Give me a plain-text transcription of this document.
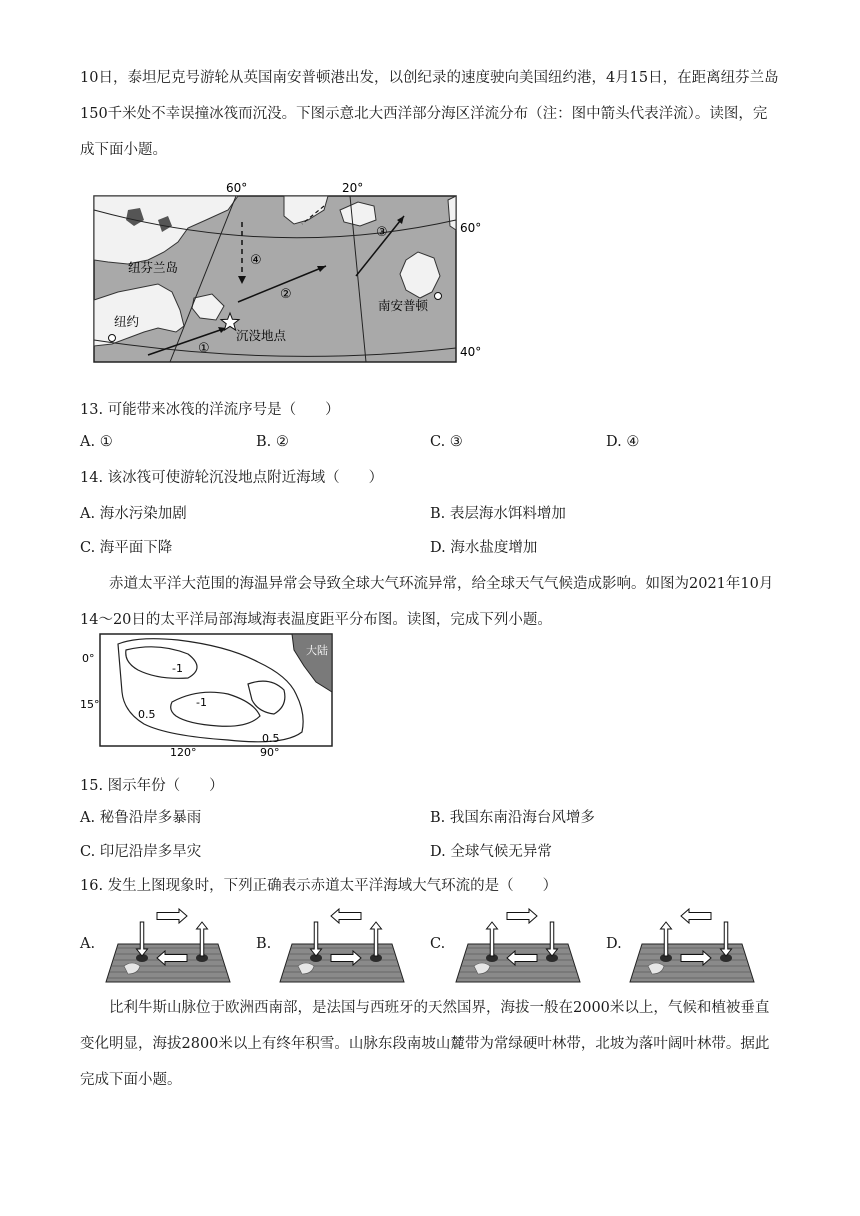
10日，泰坦尼克号游轮从英国南安普顿港出发，以创纪录的速度驶向美国纽约港，4月15日，在距离纽芬兰岛150千米处不幸误撞冰筏而沉没。下图示意北大西洋部分海区洋流分布（注：图中箭头代表洋流）。读图，完成下面小题。

60°	20°
60°
40°
纽芬兰岛
纽约
南安普顿
沉没地点
①
②
③
④
13. 可能带来冰筏的洋流序号是（　　）
A. ①	B. ②	C. ③	D. ④
14. 该冰筏可使游轮沉没地点附近海域（　　）
A. 海水污染加剧	B. 表层海水饵料增加
C. 海平面下降	D. 海水盐度增加

赤道太平洋大范围的海温异常会导致全球大气环流异常，给全球天气气候造成影响。如图为2021年10月14～20日的太平洋局部海域海表温度距平分布图。读图，完成下列小题。

0°
15°
120°	90°
大陆
-1
-1
0.5
0.5
15. 图示年份（　　）
A. 秘鲁沿岸多暴雨	B. 我国东南沿海台风增多
C. 印尼沿岸多旱灾	D. 全球气候无异常
16. 发生上图现象时，下列正确表示赤道太平洋海域大气环流的是（　　）
A.	B.	C.	D.

比利牛斯山脉位于欧洲西南部，是法国与西班牙的天然国界，海拔一般在2000米以上，气候和植被垂直变化明显，海拔2800米以上有终年积雪。山脉东段南坡山麓带为常绿硬叶林带，北坡为落叶阔叶林带。据此完成下面小题。
